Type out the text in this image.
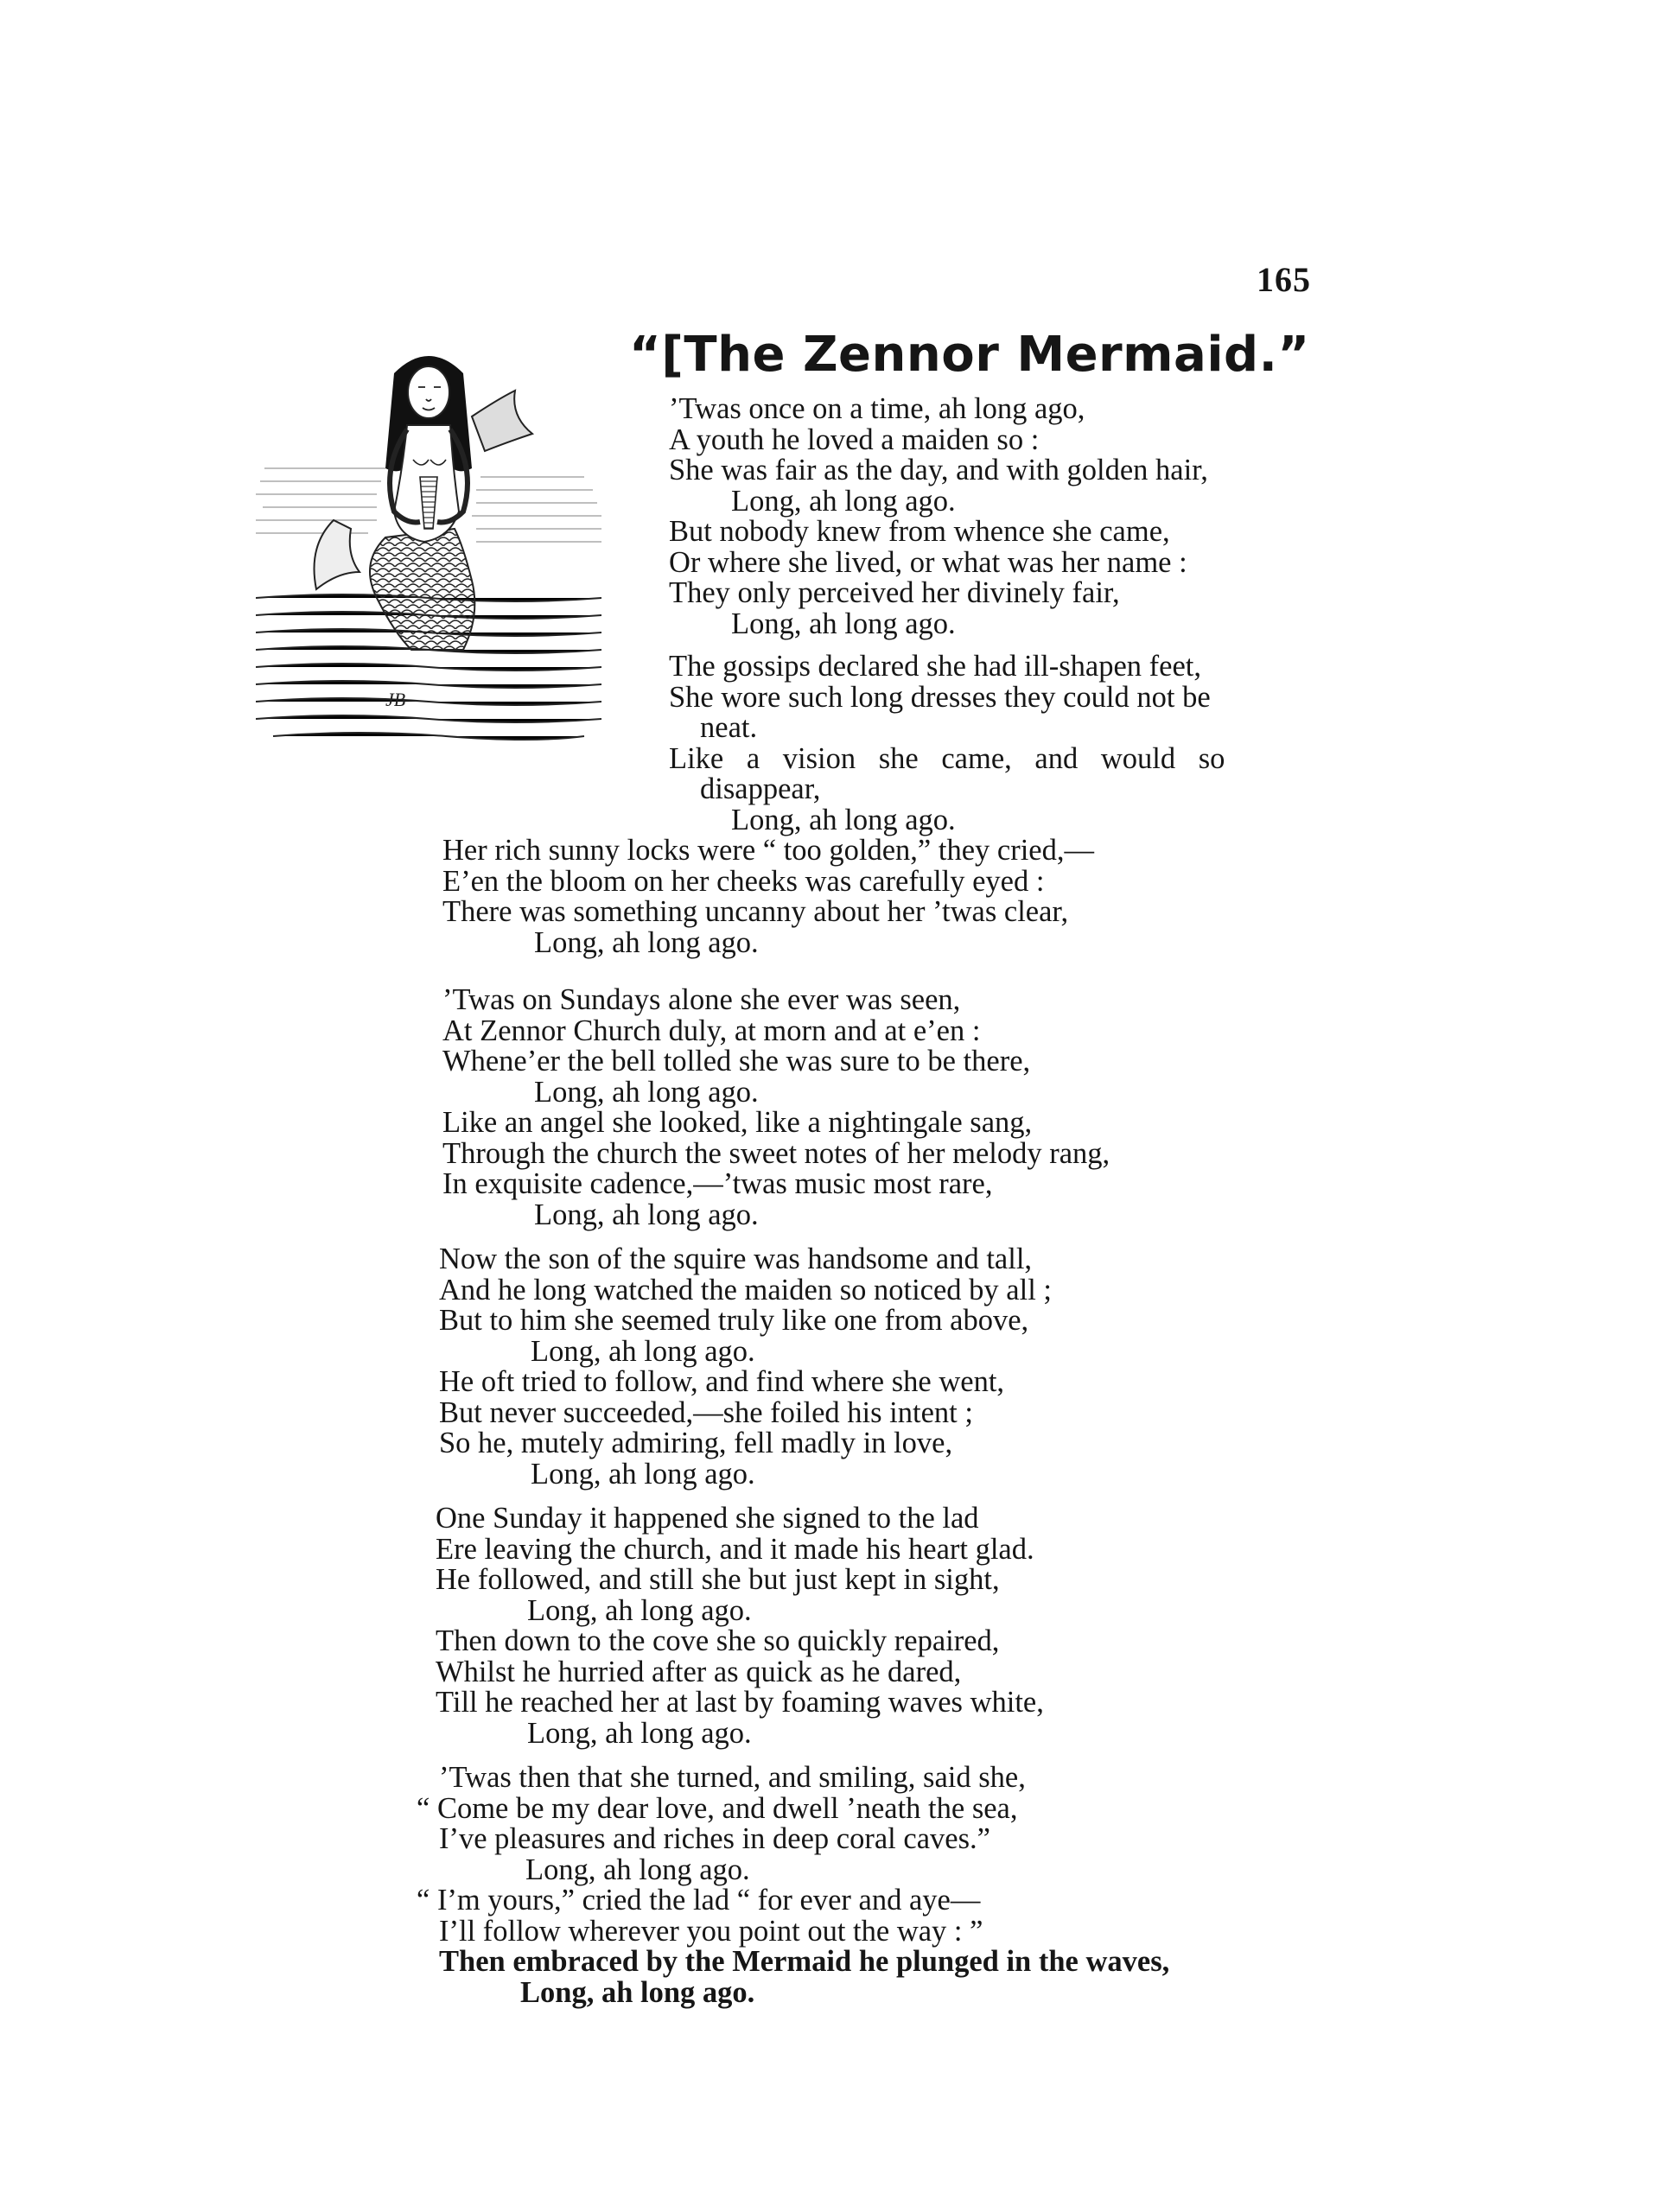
165
“[The Zennor Mermaid.”
JB
’Twas once on a time, ah long ago,
A youth he loved a maiden so :
She was fair as the day, and with golden hair,
Long, ah long ago.
But nobody knew from whence she came,
Or where she lived, or what was her name :
They only perceived her divinely fair,
Long, ah long ago.
The gossips declared she had ill-shapen feet,
She wore such long dresses they could not be
neat.
Like a vision she came, and would so
disappear,
Long, ah long ago.
Her rich sunny locks were “ too golden,” they cried,—
E’en the bloom on her cheeks was carefully eyed :
There was something uncanny about her ’twas clear,
Long, ah long ago.
’Twas on Sundays alone she ever was seen,
At Zennor Church duly, at morn and at e’en :
Whene’er the bell tolled she was sure to be there,
Long, ah long ago.
Like an angel she looked, like a nightingale sang,
Through the church the sweet notes of her melody rang,
In exquisite cadence,—’twas music most rare,
Long, ah long ago.
Now the son of the squire was handsome and tall,
And he long watched the maiden so noticed by all ;
But to him she seemed truly like one from above,
Long, ah long ago.
He oft tried to follow, and find where she went,
But never succeeded,—she foiled his intent ;
So he, mutely admiring, fell madly in love,
Long, ah long ago.
One Sunday it happened she signed to the lad
Ere leaving the church, and it made his heart glad.
He followed, and still she but just kept in sight,
Long, ah long ago.
Then down to the cove she so quickly repaired,
Whilst he hurried after as quick as he dared,
Till he reached her at last by foaming waves white,
Long, ah long ago.
’Twas then that she turned, and smiling, said she,
“ Come be my dear love, and dwell ’neath the sea,
I’ve pleasures and riches in deep coral caves.”
Long, ah long ago.
“ I’m yours,” cried the lad “ for ever and aye—
I’ll follow wherever you point out the way : ”
Then embraced by the Mermaid he plunged in the waves,
Long, ah long ago.
